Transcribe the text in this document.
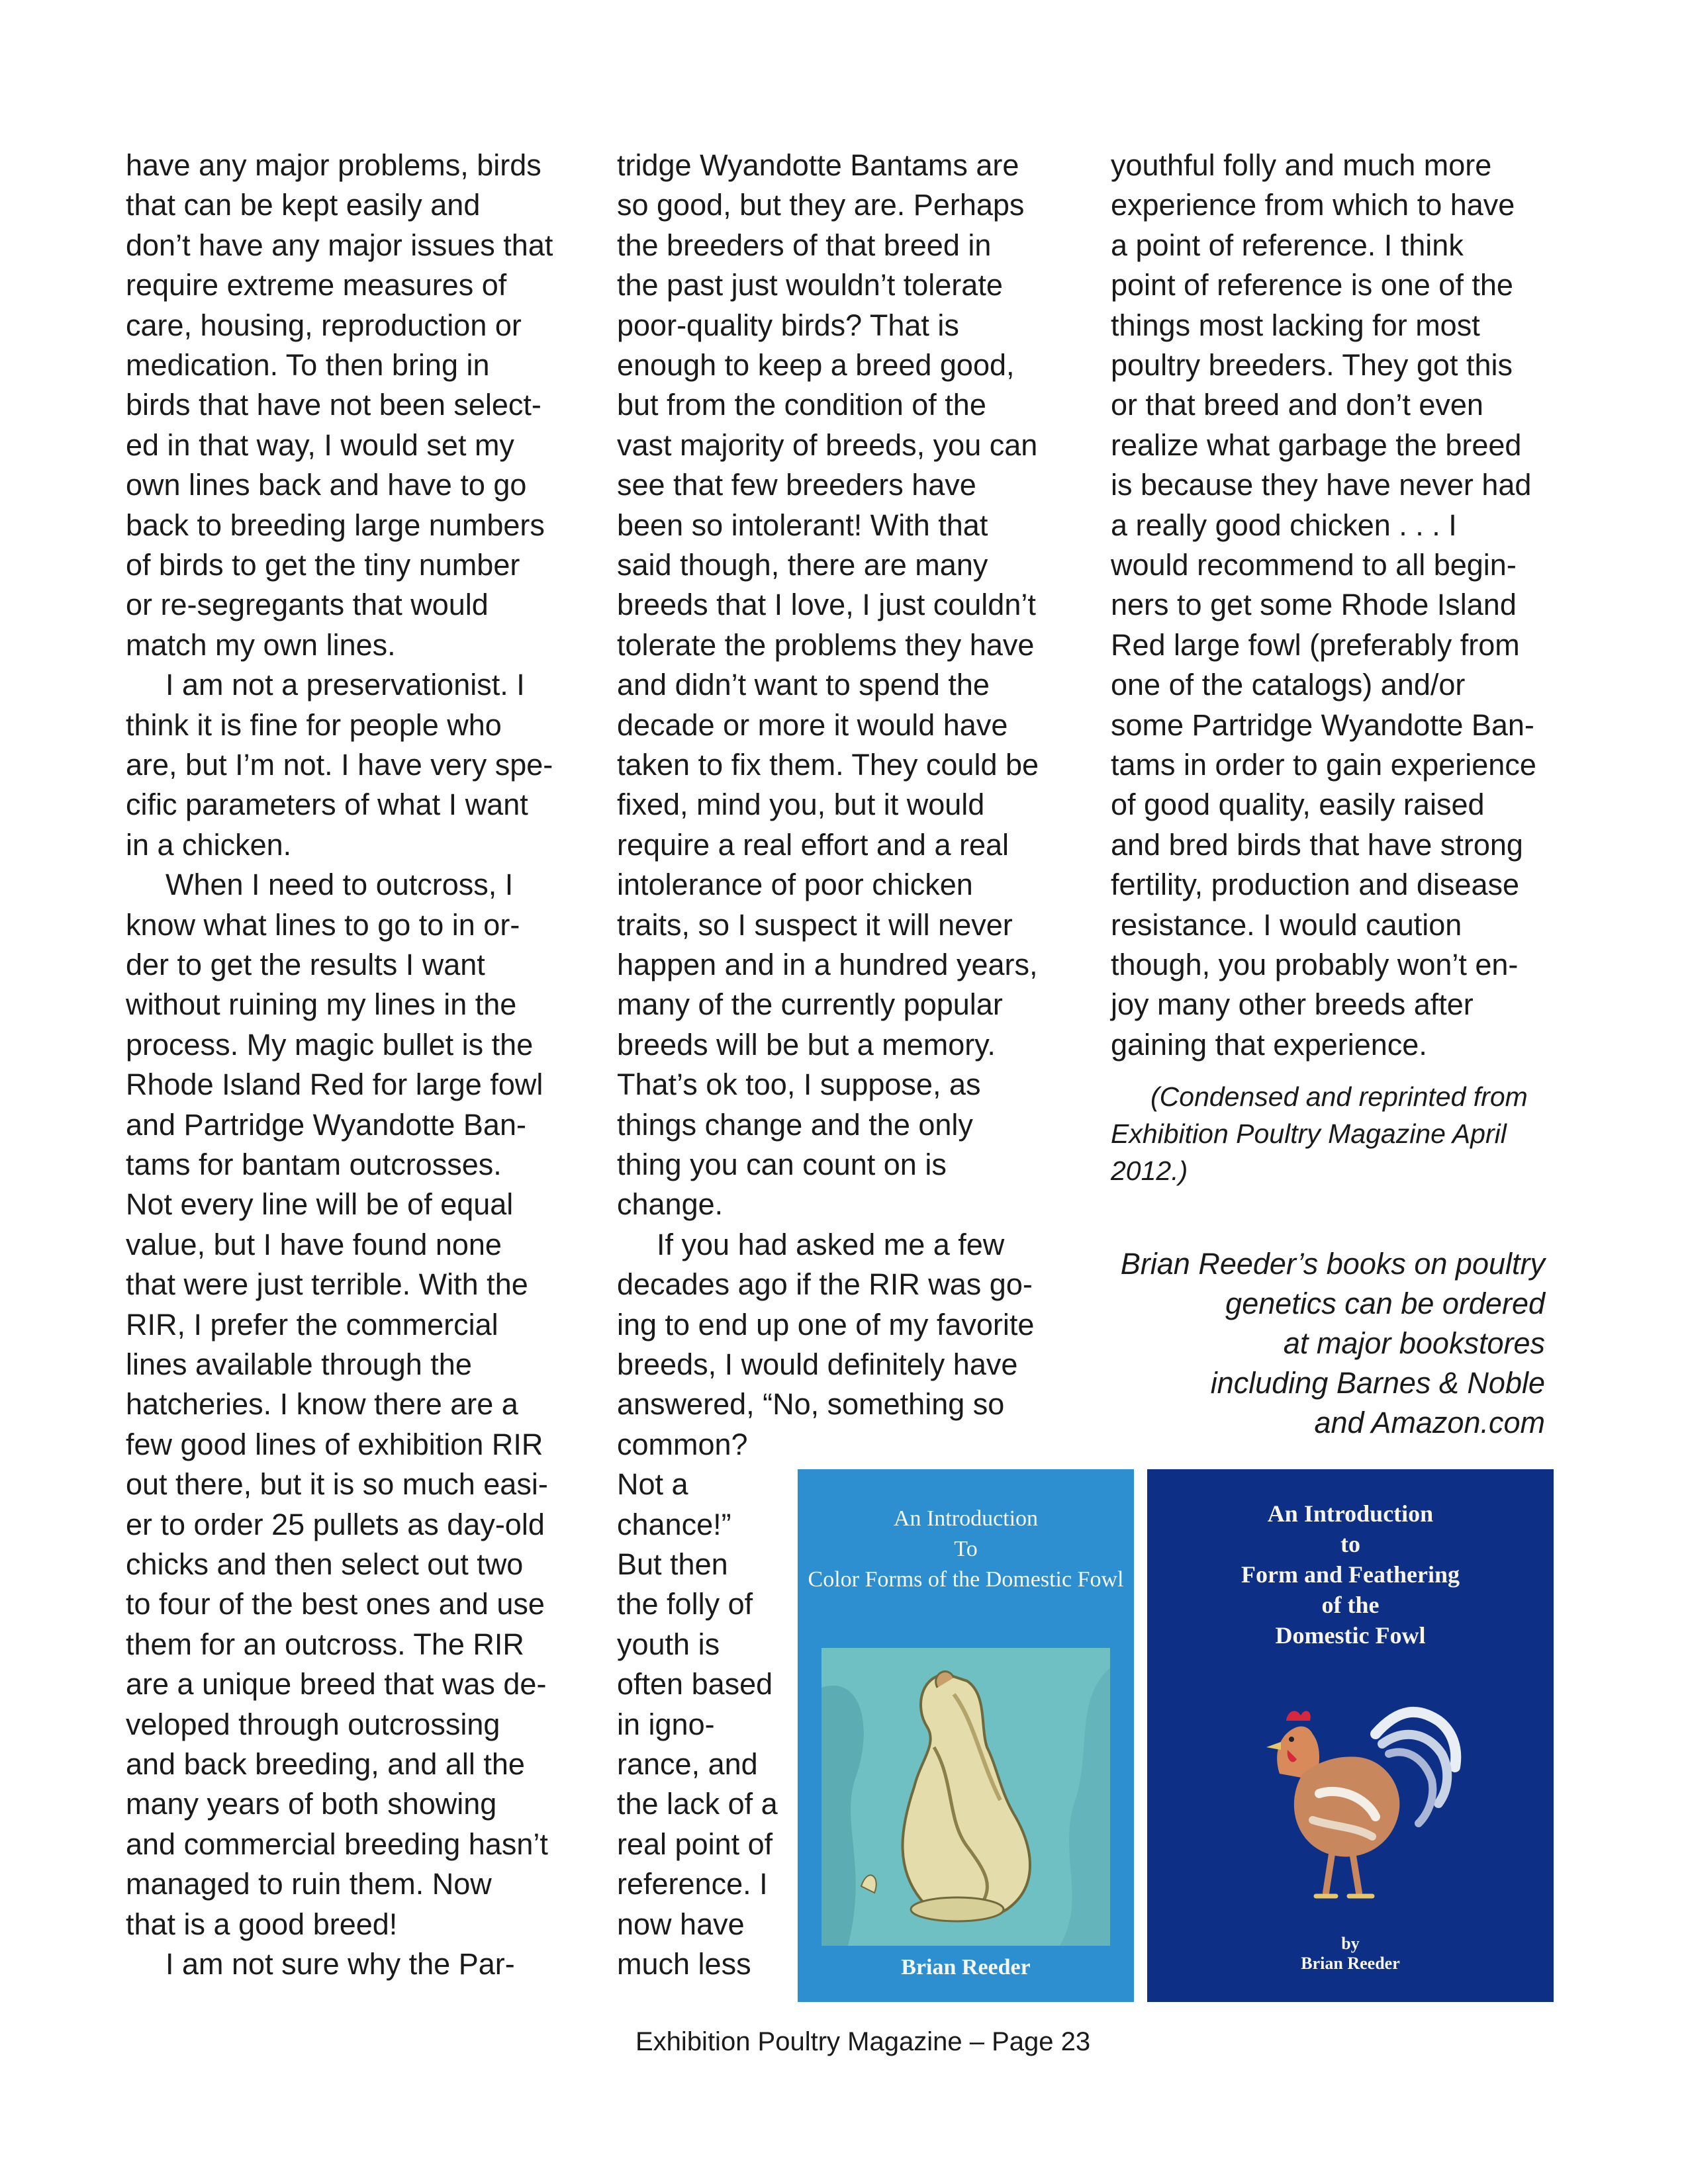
have any major problems, birds
that can be kept easily and
don’t have any major issues that
require extreme measures of
care, housing, reproduction or
medication. To then bring in
birds that have not been select-
ed in that way, I would set my
own lines back and have to go
back to breeding large numbers
of birds to get the tiny number
or re-segregants that would
match my own lines.
I am not a preservationist. I
think it is fine for people who
are, but I’m not. I have very spe-
cific parameters of what I want
in a chicken.
When I need to outcross, I
know what lines to go to in or-
der to get the results I want
without ruining my lines in the
process. My magic bullet is the
Rhode Island Red for large fowl
and Partridge Wyandotte Ban-
tams for bantam outcrosses.
Not every line will be of equal
value, but I have found none
that were just terrible. With the
RIR, I prefer the commercial
lines available through the
hatcheries. I know there are a
few good lines of exhibition RIR
out there, but it is so much easi-
er to order 25 pullets as day-old
chicks and then select out two
to four of the best ones and use
them for an outcross. The RIR
are a unique breed that was de-
veloped through outcrossing
and back breeding, and all the
many years of both showing
and commercial breeding hasn’t
managed to ruin them. Now
that is a good breed!
I am not sure why the Par-
tridge Wyandotte Bantams are
so good, but they are. Perhaps
the breeders of that breed in
the past just wouldn’t tolerate
poor-quality birds? That is
enough to keep a breed good,
but from the condition of the
vast majority of breeds, you can
see that few breeders have
been so intolerant! With that
said though, there are many
breeds that I love, I just couldn’t
tolerate the problems they have
and didn’t want to spend the
decade or more it would have
taken to fix them. They could be
fixed, mind you, but it would
require a real effort and a real
intolerance of poor chicken
traits, so I suspect it will never
happen and in a hundred years,
many of the currently popular
breeds will be but a memory.
That’s ok too, I suppose, as
things change and the only
thing you can count on is
change.
If you had asked me a few
decades ago if the RIR was go-
ing to end up one of my favorite
breeds, I would definitely have
answered, “No, something so
common?
Not a
chance!”
But then
the folly of
youth is
often based
in igno-
rance, and
the lack of a
real point of
reference. I
now have
much less
youthful folly and much more
experience from which to have
a point of reference. I think
point of reference is one of the
things most lacking for most
poultry breeders. They got this
or that breed and don’t even
realize what garbage the breed
is because they have never had
a really good chicken . . . I
would recommend to all begin-
ners to get some Rhode Island
Red large fowl (preferably from
one of the catalogs) and/or
some Partridge Wyandotte Ban-
tams in order to gain experience
of good quality, easily raised
and bred birds that have strong
fertility, production and disease
resistance. I would caution
though, you probably won’t en-
joy many other breeds after
gaining that experience.
(Condensed and reprinted from
Exhibition Poultry Magazine April
2012.)
Brian Reeder’s books on poultry
genetics can be ordered
at major bookstores
including Barnes & Noble
and Amazon.com
An Introduction
To
Color Forms of the Domestic Fowl
Brian Reeder
An Introduction
to
Form and Feathering
of the
Domestic Fowl
by
Brian Reeder
Exhibition Poultry Magazine – Page 23
